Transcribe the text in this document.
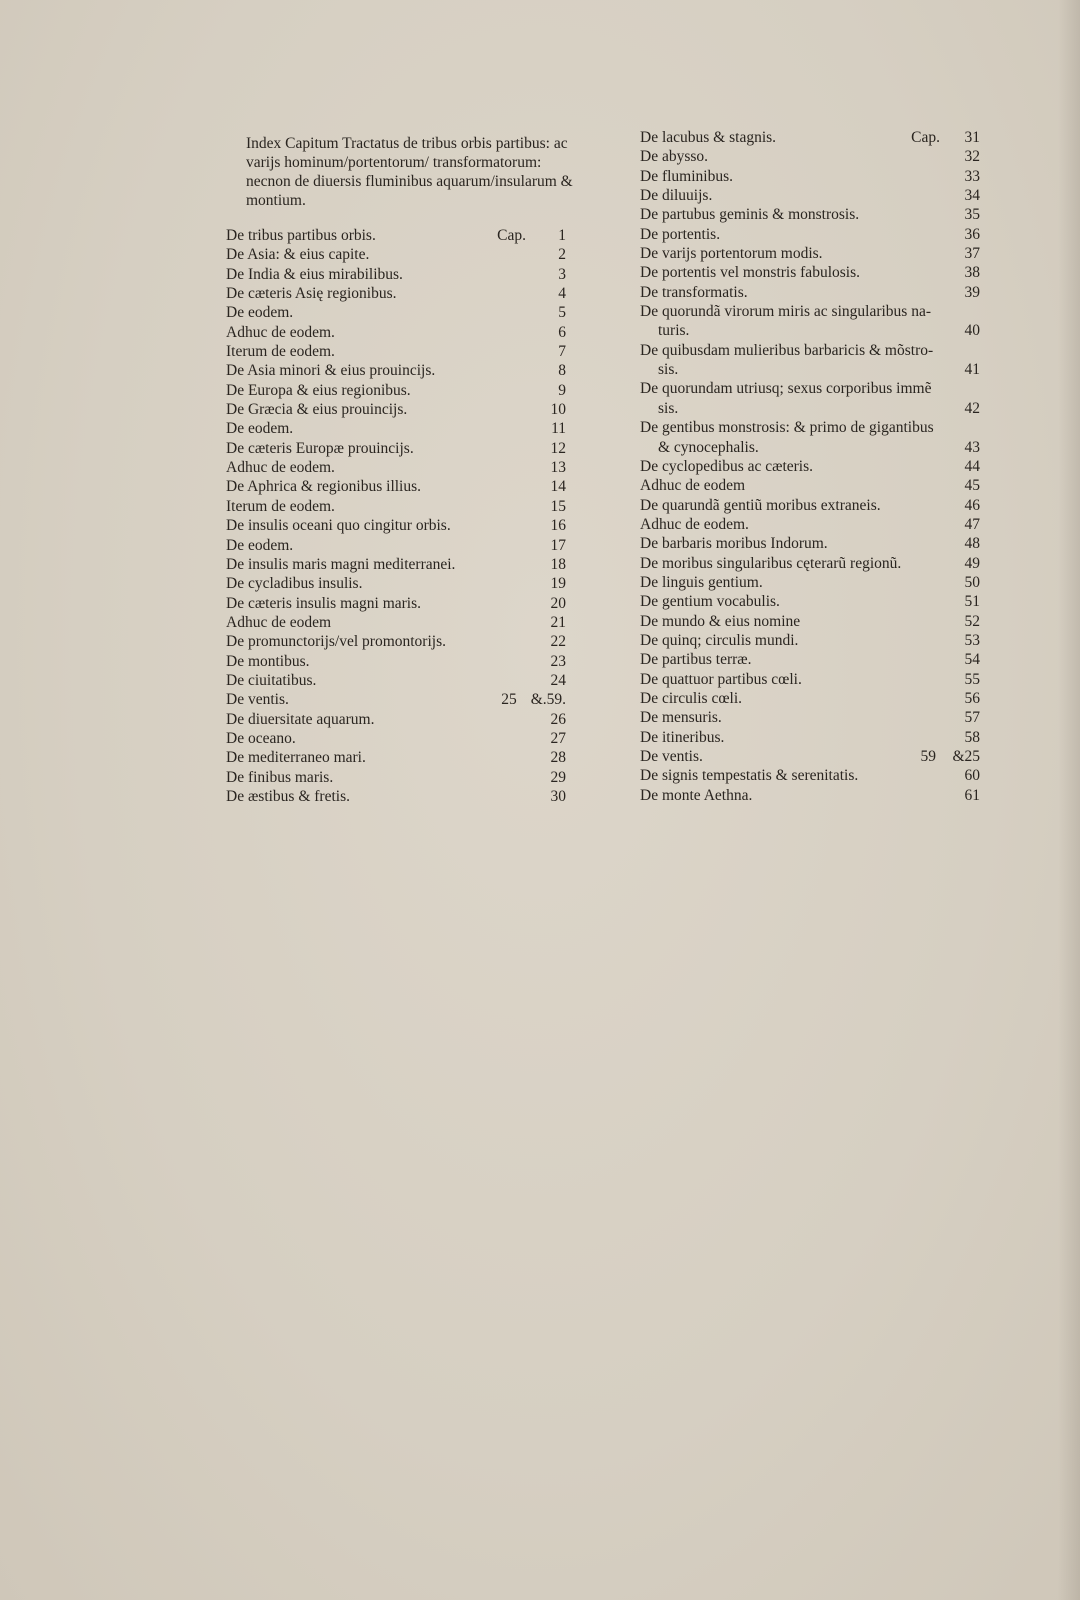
Index Capitum Tractatus de tribus orbis partibus: ac varijs hominum/portentorum/ transformatorum: necnon de diuersis fluminibus aquarum/insularum & montium.
De tribus partibus orbis.	Cap.	1
De Asia: & eius capite.	2
De India & eius mirabilibus.	3
De cæteris Asię regionibus.	4
De eodem.	5
Adhuc de eodem.	6
Iterum de eodem.	7
De Asia minori & eius prouincijs.	8
De Europa & eius regionibus.	9
De Græcia & eius prouincijs.	10
De eodem.	11
De cæteris Europæ prouincijs.	12
Adhuc de eodem.	13
De Aphrica & regionibus illius.	14
Iterum de eodem.	15
De insulis oceani quo cingitur orbis.	16
De eodem.	17
De insulis maris magni mediterranei.	18
De cycladibus insulis.	19
De cæteris insulis magni maris.	20
Adhuc de eodem	21
De promunctorijs/vel promontorijs.	22
De montibus.	23
De ciuitatibus.	24
De ventis.	25 &.59.
De diuersitate aquarum.	26
De oceano.	27
De mediterraneo mari.	28
De finibus maris.	29
De æstibus & fretis.	30
De lacubus & stagnis.	Cap.	31
De abysso.	32
De fluminibus.	33
De diluuijs.	34
De partubus geminis & monstrosis.	35
De portentis.	36
De varijs portentorum modis.	37
De portentis vel monstris fabulosis.	38
De transformatis.	39
De quorundã virorum miris ac singularibus na-
turis.	40
De quibusdam mulieribus barbaricis & mõstro-
sis.	41
De quorundam utriusq; sexus corporibus immẽ
sis.	42
De gentibus monstrosis: & primo de gigantibus
& cynocephalis.	43
De cyclopedibus ac cæteris.	44
Adhuc de eodem	45
De quarundã gentiũ moribus extraneis.	46
Adhuc de eodem.	47
De barbaris moribus Indorum.	48
De moribus singularibus cęterarũ regionũ.	49
De linguis gentium.	50
De gentium vocabulis.	51
De mundo & eius nomine	52
De quinq; circulis mundi.	53
De partibus terræ.	54
De quattuor partibus cœli.	55
De circulis cœli.	56
De mensuris.	57
De itineribus.	58
De ventis.	59	&25
De signis tempestatis & serenitatis.	60
De monte Aethna.	61
